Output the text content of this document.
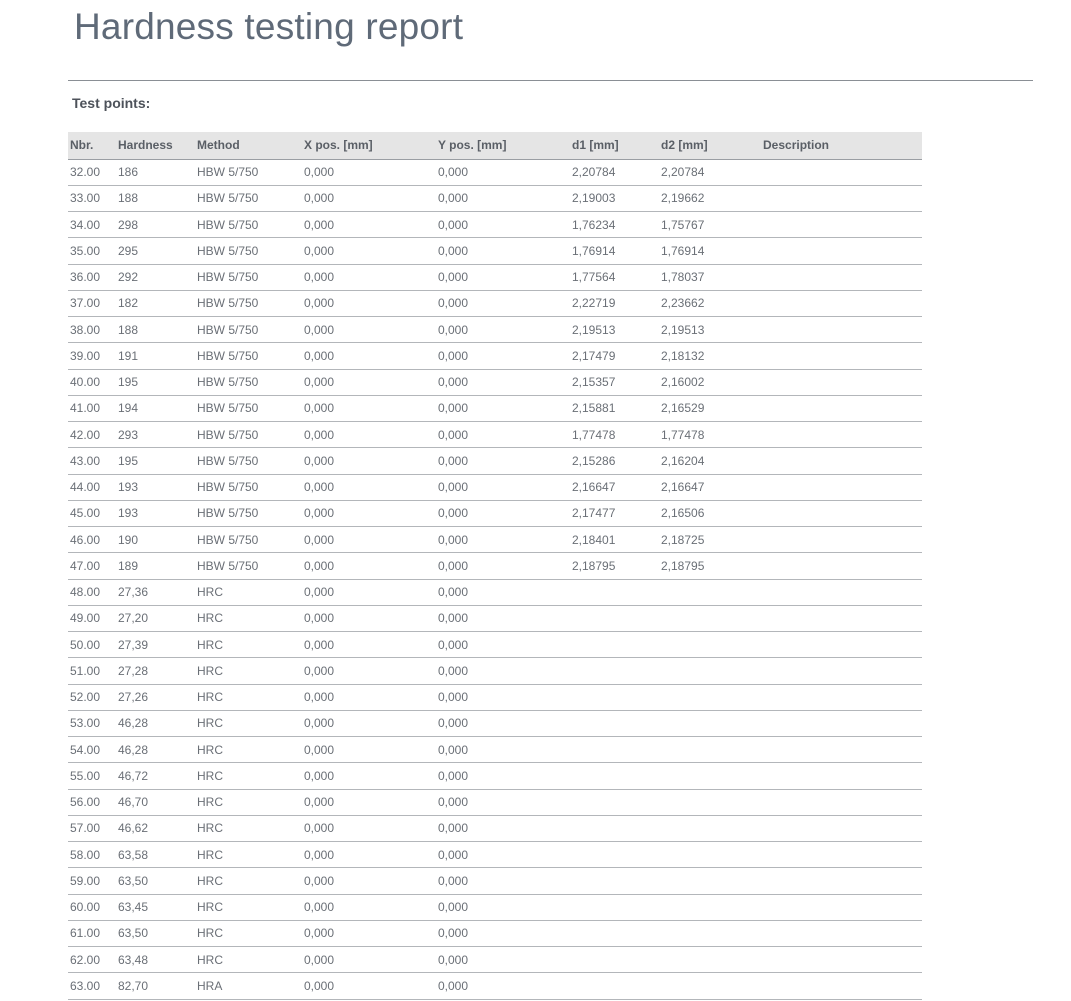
Hardness testing report
Test points:
Nbr.	Hardness	Method	X pos. [mm]	Y pos. [mm]	d1 [mm]	d2 [mm]	Description
32.00	186	HBW 5/750	0,000	0,000	2,20784	2,20784	
33.00	188	HBW 5/750	0,000	0,000	2,19003	2,19662	
34.00	298	HBW 5/750	0,000	0,000	1,76234	1,75767	
35.00	295	HBW 5/750	0,000	0,000	1,76914	1,76914	
36.00	292	HBW 5/750	0,000	0,000	1,77564	1,78037	
37.00	182	HBW 5/750	0,000	0,000	2,22719	2,23662	
38.00	188	HBW 5/750	0,000	0,000	2,19513	2,19513	
39.00	191	HBW 5/750	0,000	0,000	2,17479	2,18132	
40.00	195	HBW 5/750	0,000	0,000	2,15357	2,16002	
41.00	194	HBW 5/750	0,000	0,000	2,15881	2,16529	
42.00	293	HBW 5/750	0,000	0,000	1,77478	1,77478	
43.00	195	HBW 5/750	0,000	0,000	2,15286	2,16204	
44.00	193	HBW 5/750	0,000	0,000	2,16647	2,16647	
45.00	193	HBW 5/750	0,000	0,000	2,17477	2,16506	
46.00	190	HBW 5/750	0,000	0,000	2,18401	2,18725	
47.00	189	HBW 5/750	0,000	0,000	2,18795	2,18795	
48.00	27,36	HRC	0,000	0,000			
49.00	27,20	HRC	0,000	0,000			
50.00	27,39	HRC	0,000	0,000			
51.00	27,28	HRC	0,000	0,000			
52.00	27,26	HRC	0,000	0,000			
53.00	46,28	HRC	0,000	0,000			
54.00	46,28	HRC	0,000	0,000			
55.00	46,72	HRC	0,000	0,000			
56.00	46,70	HRC	0,000	0,000			
57.00	46,62	HRC	0,000	0,000			
58.00	63,58	HRC	0,000	0,000			
59.00	63,50	HRC	0,000	0,000			
60.00	63,45	HRC	0,000	0,000			
61.00	63,50	HRC	0,000	0,000			
62.00	63,48	HRC	0,000	0,000			
63.00	82,70	HRA	0,000	0,000			
